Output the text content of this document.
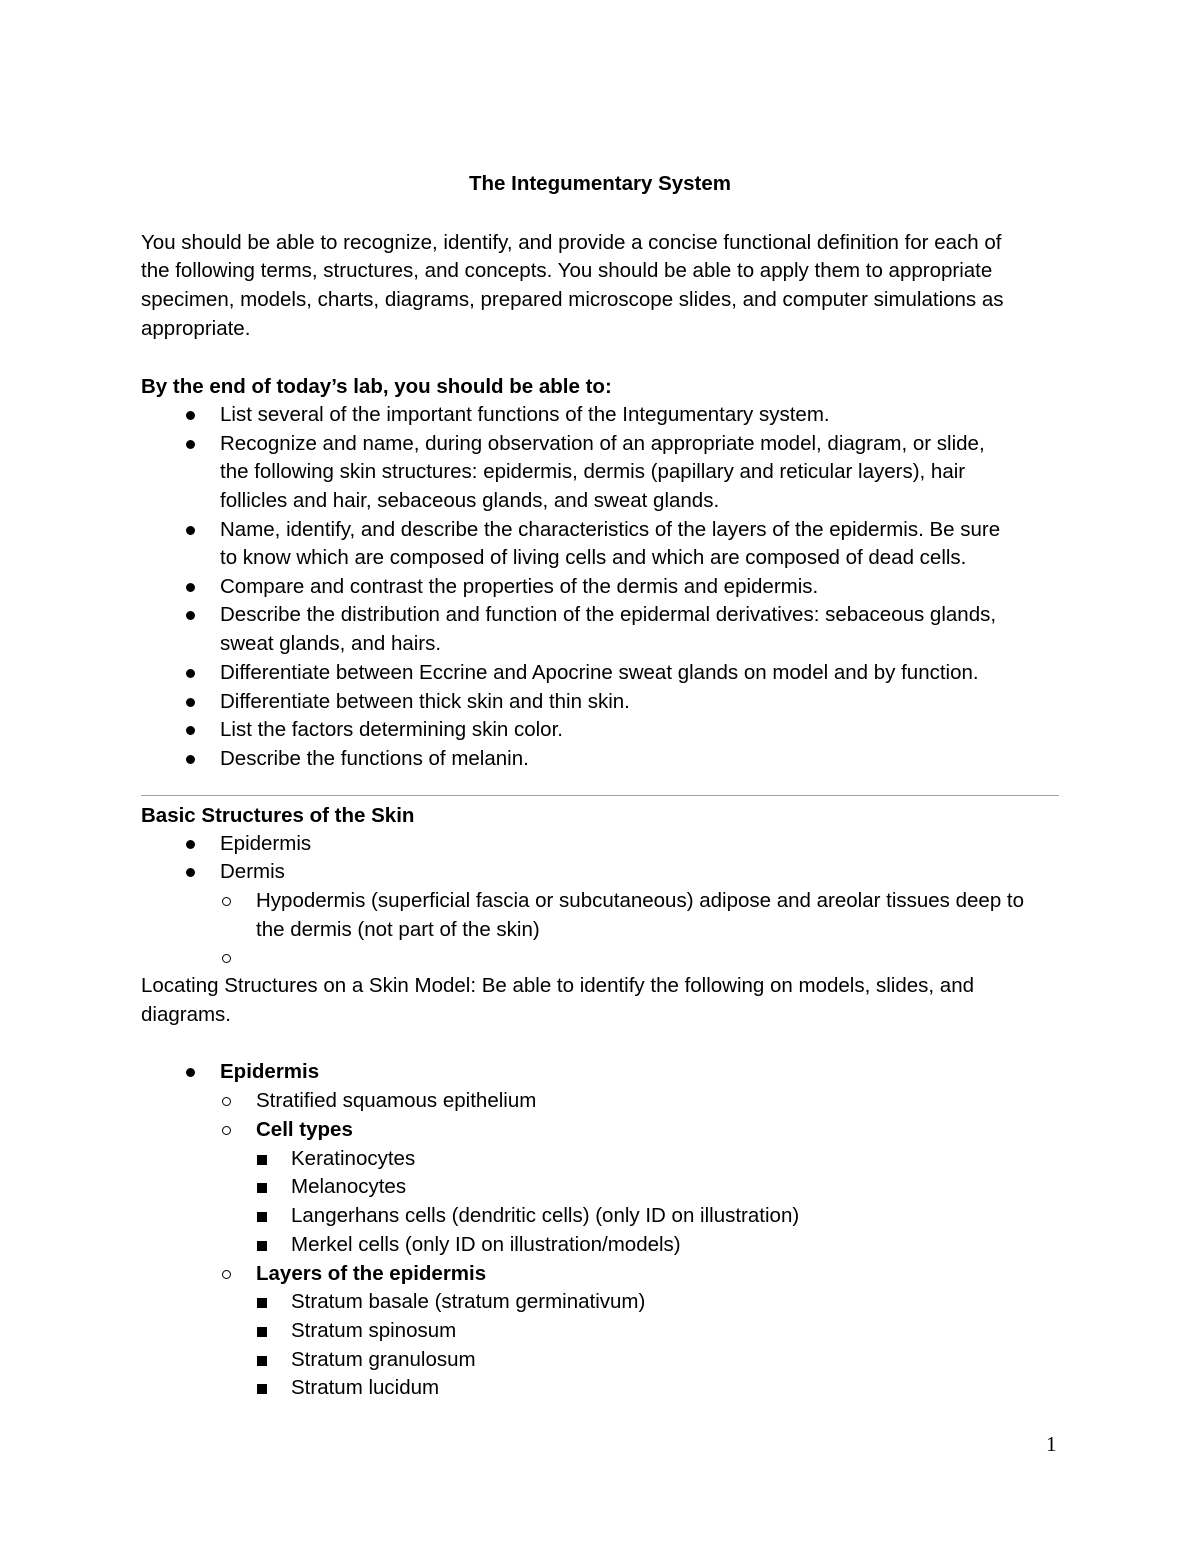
The Integumentary System
You should be able to recognize, identify, and provide a concise functional definition for each of
the following terms, structures, and concepts. You should be able to apply them to appropriate
specimen, models, charts, diagrams, prepared microscope slides, and computer simulations as
appropriate.
By the end of today’s lab, you should be able to:
List several of the important functions of the Integumentary system.
Recognize and name, during observation of an appropriate model, diagram, or slide,
the following skin structures: epidermis, dermis (papillary and reticular layers), hair
follicles and hair, sebaceous glands, and sweat glands.
Name, identify, and describe the characteristics of the layers of the epidermis. Be sure
to know which are composed of living cells and which are composed of dead cells.
Compare and contrast the properties of the dermis and epidermis.
Describe the distribution and function of the epidermal derivatives: sebaceous glands,
sweat glands, and hairs.
Differentiate between Eccrine and Apocrine sweat glands on model and by function.
Differentiate between thick skin and thin skin.
List the factors determining skin color.
Describe the functions of melanin.
Basic Structures of the Skin
Epidermis
Dermis
Hypodermis (superficial fascia or subcutaneous) adipose and areolar tissues deep to
the dermis (not part of the skin)
Locating Structures on a Skin Model: Be able to identify the following on models, slides, and
diagrams.
Epidermis
Stratified squamous epithelium
Cell types
Keratinocytes
Melanocytes
Langerhans cells (dendritic cells) (only ID on illustration)
Merkel cells (only ID on illustration/models)
Layers of the epidermis
Stratum basale (stratum germinativum)
Stratum spinosum
Stratum granulosum
Stratum lucidum
1
